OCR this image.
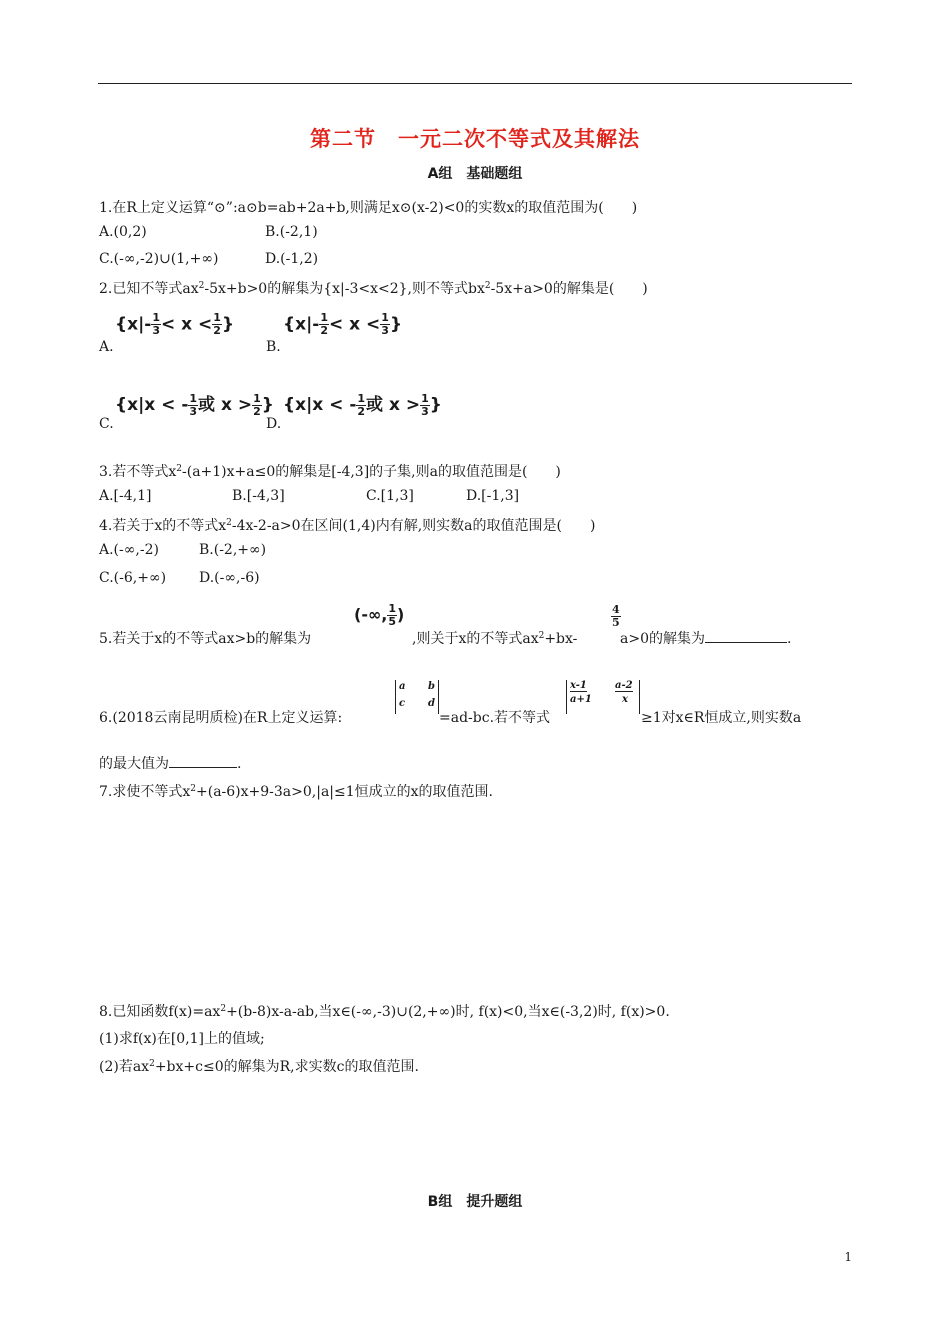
第二节　一元二次不等式及其解法
A组　基础题组
1.在R上定义运算“⊙”:a⊙b=ab+2a+b,则满足x⊙(x-2)<0的实数x的取值范围为(　　)
A.(0,2)	B.(-2,1)
C.(-∞,-2)∪(1,+∞)	D.(-1,2)
2.已知不等式$ax^2-5x+b>0$的解集为{x|-3<x<2},则不等式$bx^2-5x+a>0$的解集是(　　)
{$x|- \frac{1}{3} < x < \frac{1}{2}$ }
A.
{$x|- \frac{1}{2} < x < \frac{1}{3}$ }
B.
{x|x < - $\frac{1}{3}$ 或 $x > \frac{1}{2}$ }
C.
{x|x < - $\frac{1}{2}$ 或 $x > \frac{1}{3}$ }
D.
3.若不等式$x^2-(a+1)x+a\le 0$的解集是[-4,3]的子集,则a的取值范围是(　　)
A.[-4,1]	B.[-4,3]	C.[1,3]	D.[-1,3]
4.若关于x的不等式$x^2-4x-2-a>0$在区间(1,4)内有解,则实数a的取值范围是(　　)
A.(-∞,-2)	B.(-2,+∞)
C.(-6,+∞) D.(-∞,-6)
5.若关于x的不等式ax>b的解集为
(-∞, $\frac{1}{5}$ )
,则关于x的不等式$ax^2+bx-$
$\frac{4}{5}$
a>0的解集为	.
6.(2018云南昆明质检)在R上定义运算:
a b
c d
=ad-bc.若不等式
x-1
a+1
a-2
x
≥1对x∈R恒成立,则实数a
的最大值为	.
7.求使不等式$x^2+(a-6)x+9-3a>0,|a|\le 1$恒成立的x的取值范围.
8.已知函数$f(x)=ax^2+(b-8)x-a-ab$,当x∈(-∞,-3)∪(2,+∞)时, f(x)<0,当x∈(-3,2)时, f(x)>0.
(1)求f(x)在[0,1]上的值域;
(2)若$ax^2+bx+c\le 0$的解集为R,求实数c的取值范围.
B组　提升题组
1
